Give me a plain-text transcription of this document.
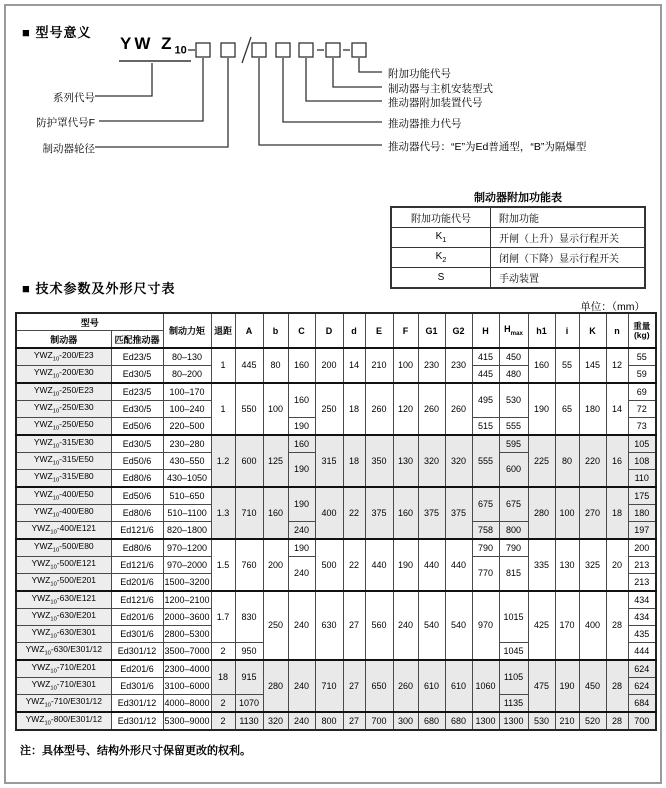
■ 型号意义
YW $Z_{10}$
系列代号
防护罩代号F
制动器轮径
附加功能代号
制动器与主机安装型式
推动器附加装置代号
推动器推力代号
推动器代号：“E”为Ed普通型，“B”为隔爆型
制动器附加功能表
附加功能代号	附加功能
$K_1$	开闸（上升）显示行程开关
$K_2$	闭闸（下降）显示行程开关
S	手动装置
■ 技术参数及外形尺寸表
单位：（mm）
型号		制动力矩	退距	A	b	C	D	d	E	F	G1	G2	H	$H_{max}$	h1	i	K	n	重量
(kg)
制动器	匹配推动器																		
$YWZ_{10}-200/E23$	Ed23/5	80–130	1	445	80	160	200	14	210	100	230	230	415	450	160	55	145	12	55
$YWZ_{10}-200/E30$	Ed30/5	80–200											445	480					59
$YWZ_{10}-250/E23$	Ed23/5	100–170	1	550	100	160	250	18	260	120	260	260	495	530	190	65	180	14	69
$YWZ_{10}-250/E30$	Ed30/5	100–240																	72
$YWZ_{10}-250/E50$	Ed50/6	220–500				190							515	555					73
$YWZ_{10}-315/E30$	Ed30/5	230–280	1.2	600	125	160	315	18	350	130	320	320	555	595	225	80	220	16	105
$YWZ_{10}-315/E50$	Ed50/6	430–550				190								600					108
$YWZ_{10}-315/E80$	Ed80/6	430–1050																	110
$YWZ_{10}-400/E50$	Ed50/6	510–650	1.3	710	160	190	400	22	375	160	375	375	675	675	280	100	270	18	175
$YWZ_{10}-400/E80$	Ed80/6	510–1100																	180
$YWZ_{10}-400/E121$	Ed121/6	820–1800				240							758	800					197
$YWZ_{10}-500/E80$	Ed80/6	970–1200	1.5	760	200	190	500	22	440	190	440	440	790	790	335	130	325	20	200
$YWZ_{10}-500/E121$	Ed121/6	970–2000				240							770	815					213
$YWZ_{10}-500/E201$	Ed201/6	1500–3200																	213
$YWZ_{10}-630/E121$	Ed121/6	1200–2100	1.7	830	250	240	630	27	560	240	540	540	970	1015	425	170	400	28	434
$YWZ_{10}-630/E201$	Ed201/6	2000–3600																	434
$YWZ_{10}-630/E301$	Ed301/6	2800–5300																	435
$YWZ_{10}-630/E301/12$	Ed301/12	3500–7000	2	950										1045					444
$YWZ_{10}-710/E201$	Ed201/6	2300–4000	18	915	280	240	710	27	650	260	610	610	1060	1105	475	190	450	28	624
$YWZ_{10}-710/E301$	Ed301/6	3100–6000																	624
$YWZ_{10}-710/E301/12$	Ed301/12	4000–8000	2	1070										1135					684
$YWZ_{10}-800/E301/12$	Ed301/12	5300–9000	2	1130	320	240	800	27	700	300	680	680	1300	1300	530	210	520	28	700
注：具体型号、结构外形尺寸保留更改的权利。
